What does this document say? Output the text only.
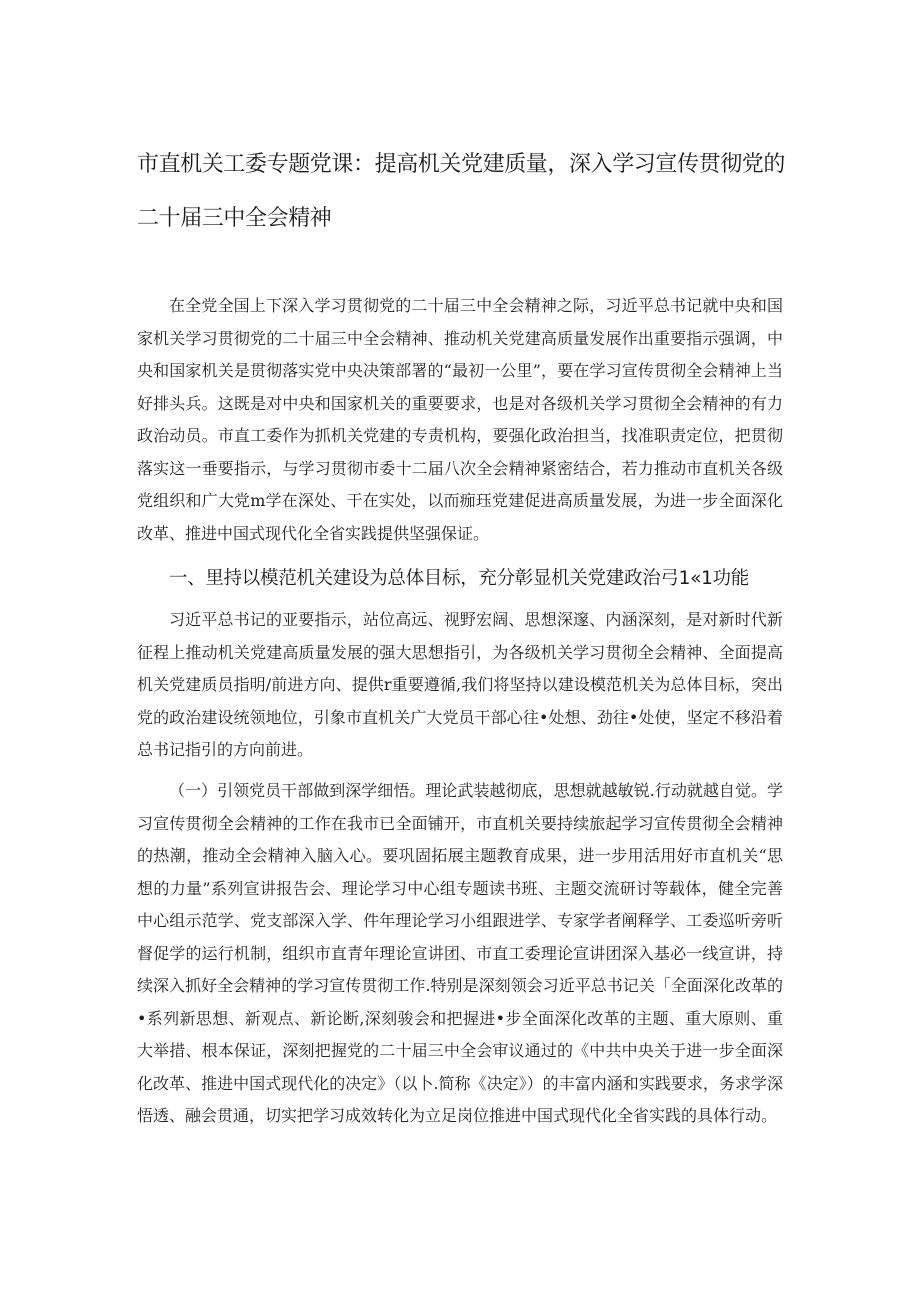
市直机关工委专题党课：提高机关党建质量，深入学习宣传贯彻党的
二十届三中全会精神

在全党全国上下深入学习贯彻党的二十届三中全会精神之际，习近平总书记就中央和国家机关学习贯彻党的二十届三中全会精神、推动机关党建高质量发展作出重要指示强调，中央和国家机关是贯彻落实党中央决策部署的“最初一公里”，要在学习宣传贯彻全会精神上当好排头兵。这既是对中央和国家机关的重要要求，也是对各级机关学习贯彻全会精神的有力政治动员。市直工委作为抓机关党建的专责机构，要强化政治担当，找准职责定位，把贯彻落实这一垂要指示，与学习贯彻市委十二届八次全会精神紧密结合，若力推动市直机关各级党组织和广大党m学在深处、干在实处，以而痂珏党建促进高质量发展，为进一步全面深化改革、推进中国式现代化全省实践提供坚强保证。

一、里持以模范机关建设为总体目标，充分彰显机关党建政治弓1«1功能

习近平总书记的亚要指示，站位高远、视野宏阔、思想深邃、内涵深刻，是对新时代新征程上推动机关党建高质量发展的强大思想指引，为各级机关学习贯彻全会精神、全面提高机关党建质员指明/前进方向、提供r重要遵循,我们将坚持以建设模范机关为总体目标，突出党的政治建设统领地位，引象市直机关广大党员干部心往•处想、劲往•处使，坚定不移沿着总书记指引的方向前进。

（一）引领党员干部做到深学细悟。理论武装越彻底，思想就越敏锐.行动就越自觉。学习宣传贯彻全会精神的工作在我市已全面铺开，市直机关要持续旅起学习宣传贯彻全会精神的热潮，推动全会精神入脑入心。要巩固拓展主题教育成果，进一步用活用好市直机关“思想的力量”系列宣讲报告会、理论学习中心组专题读书班、主题交流研讨等载体，健全完善中心组示范学、党支部深入学、件年理论学习小组跟进学、专家学者阐释学、工委巡听旁听督促学的运行机制，组织市直青年理论宣讲团、市直工委理论宣讲团深入基必一线宣讲，持续深入抓好全会精神的学习宣传贯彻工作.特别是深刻领会习近平总书记关「全面深化改革的•系列新思想、新观点、新论断,深刻骏会和把握进•步全面深化改革的主题、重大原则、重大举措、根本保证，深刻把握党的二十届三中全会审议通过的《中共中央关于进一步全面深化改革、推进中国式现代化的决定》（以卜.简称《决定》）的丰富内涵和实践要求，务求学深悟透、融会贯通，切实把学习成效转化为立足岗位推进中国式现代化全省实践的具体行动。
